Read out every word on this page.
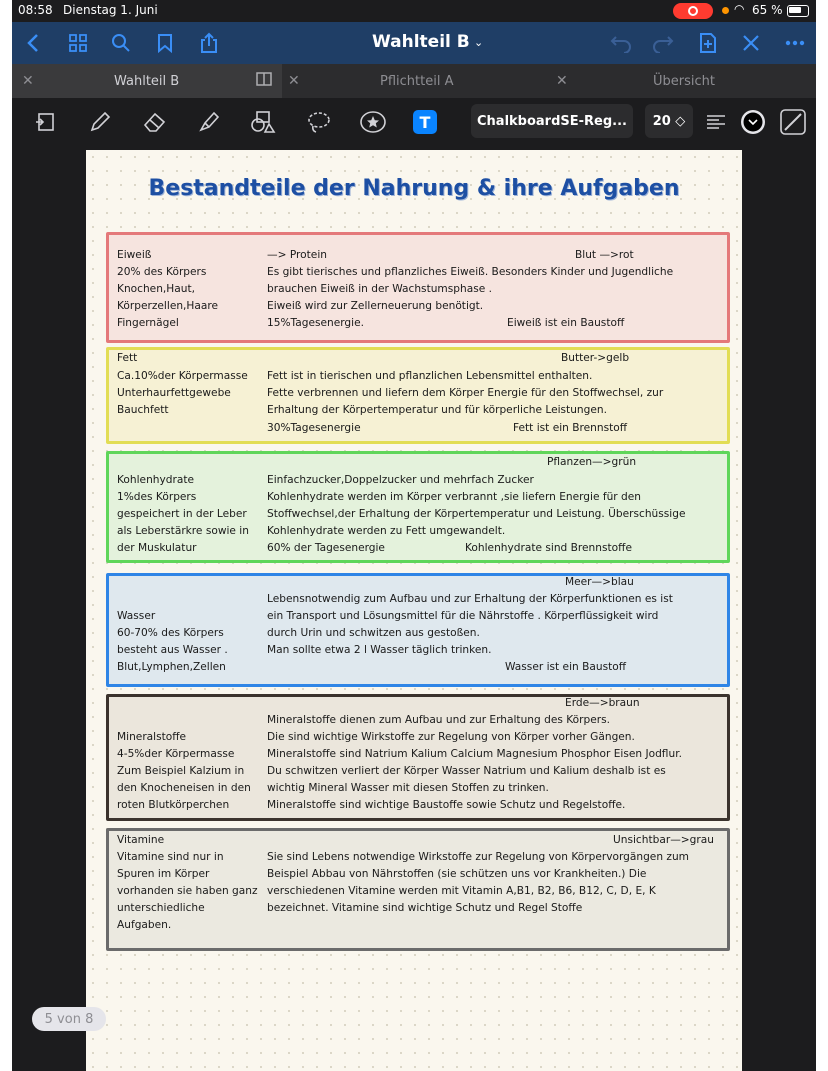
08:58 Dienstag 1. Juni	◠ 65 %
Wahlteil B ⌄
✕	Wahlteil B	✕	Pflichtteil A	✕	Übersicht
T	ChalkboardSE-Reg...	20 ◇
Bestandteile der Nahrung & ihre Aufgaben
Eiweiß
20% des Körpers
Knochen,Haut,
Körperzellen,Haare
Fingernägel
—> Protein
Es gibt tierisches und pflanzliches Eiweiß. Besonders Kinder und Jugendliche
brauchen Eiweiß in der Wachstumsphase .
Eiweiß wird zur Zellerneuerung benötigt.
15%Tagesenergie.
Blut —>rot
Eiweiß ist ein Baustoff
Fett
Ca.10%der Körpermasse
Unterhaurfettgewebe
Bauchfett
Fett ist in tierischen und pflanzlichen Lebensmittel enthalten.
Fette verbrennen und liefern dem Körper Energie für den Stoffwechsel, zur
Erhaltung der Körpertemperatur und für körperliche Leistungen.
30%Tagesenergie
Butter->gelb
Fett ist ein Brennstoff
Pflanzen—>grün
Kohlenhydrate
1%des Körpers
gespeichert in der Leber
als Leberstärkre sowie in
der Muskulatur
Einfachzucker,Doppelzucker und mehrfach Zucker
Kohlenhydrate werden im Körper verbrannt ,sie liefern Energie für den
Stoffwechsel,der Erhaltung der Körpertemperatur und Leistung. Überschüssige
Kohlenhydrate werden zu Fett umgewandelt.
60% der Tagesenergie	Kohlenhydrate sind Brennstoffe
Meer—>blau
Lebensnotwendig zum Aufbau und zur Erhaltung der Körperfunktionen es ist
ein Transport und Lösungsmittel für die Nährstoffe . Körperflüssigkeit wird
durch Urin und schwitzen aus gestoßen.
Man sollte etwa 2 l Wasser täglich trinken.
Wasser
60-70% des Körpers
besteht aus Wasser .
Blut,Lymphen,Zellen	Wasser ist ein Baustoff
Erde—>braun
Mineralstoffe dienen zum Aufbau und zur Erhaltung des Körpers.
Die sind wichtige Wirkstoffe zur Regelung von Körper vorher Gängen.
Mineralstoffe sind Natrium Kalium Calcium Magnesium Phosphor Eisen Jodflur.
Du schwitzen verliert der Körper Wasser Natrium und Kalium deshalb ist es
wichtig Mineral Wasser mit diesen Stoffen zu trinken.
Mineralstoffe sind wichtige Baustoffe sowie Schutz und Regelstoffe.
Mineralstoffe
4-5%der Körpermasse
Zum Beispiel Kalzium in
den Knocheneisen in den
roten Blutkörperchen
Vitamine
Vitamine sind nur in
Spuren im Körper
vorhanden sie haben ganz
unterschiedliche
Aufgaben.
Unsichtbar—>grau
Sie sind Lebens notwendige Wirkstoffe zur Regelung von Körpervorgängen zum
Beispiel Abbau von Nährstoffen (sie schützen uns vor Krankheiten.) Die
verschiedenen Vitamine werden mit Vitamin A,B1, B2, B6, B12, C, D, E, K
bezeichnet. Vitamine sind wichtige Schutz und Regel Stoffe
5 von 8
